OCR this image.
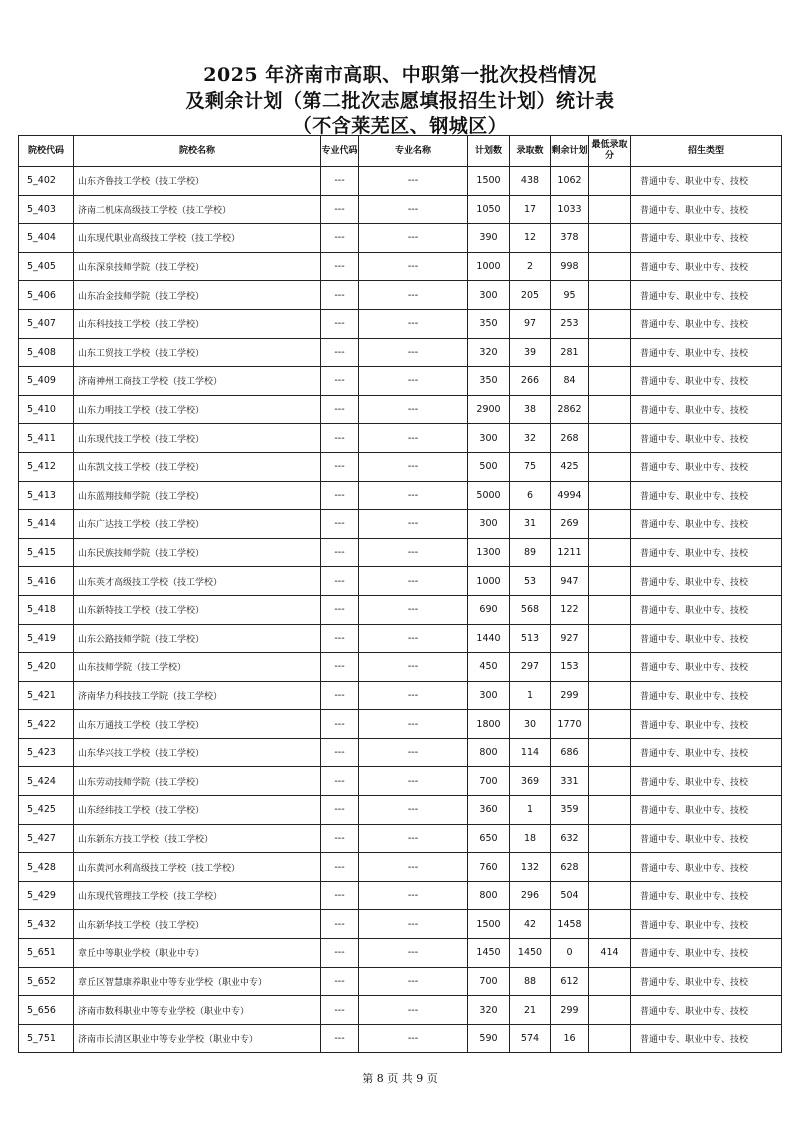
2025 年济南市高职、中职第一批次投档情况
及剩余计划（第二批次志愿填报招生计划）统计表
（不含莱芜区、钢城区）
院校代码	院校名称	专业代码	专业名称	计划数	录取数	剩余计划	最低录取分	招生类型
5_402	山东齐鲁技工学校（技工学校）	---	---	1500	438	1062		普通中专、职业中专、技校
5_403	济南二机床高级技工学校（技工学校）	---	---	1050	17	1033		普通中专、职业中专、技校
5_404	山东现代职业高级技工学校（技工学校）	---	---	390	12	378		普通中专、职业中专、技校
5_405	山东深泉技师学院（技工学校）	---	---	1000	2	998		普通中专、职业中专、技校
5_406	山东冶金技师学院（技工学校）	---	---	300	205	95		普通中专、职业中专、技校
5_407	山东科技技工学校（技工学校）	---	---	350	97	253		普通中专、职业中专、技校
5_408	山东工贸技工学校（技工学校）	---	---	320	39	281		普通中专、职业中专、技校
5_409	济南神州工商技工学校（技工学校）	---	---	350	266	84		普通中专、职业中专、技校
5_410	山东力明技工学校（技工学校）	---	---	2900	38	2862		普通中专、职业中专、技校
5_411	山东现代技工学校（技工学校）	---	---	300	32	268		普通中专、职业中专、技校
5_412	山东凯文技工学校（技工学校）	---	---	500	75	425		普通中专、职业中专、技校
5_413	山东蓝翔技师学院（技工学校）	---	---	5000	6	4994		普通中专、职业中专、技校
5_414	山东广达技工学校（技工学校）	---	---	300	31	269		普通中专、职业中专、技校
5_415	山东民族技师学院（技工学校）	---	---	1300	89	1211		普通中专、职业中专、技校
5_416	山东英才高级技工学校（技工学校）	---	---	1000	53	947		普通中专、职业中专、技校
5_418	山东新特技工学校（技工学校）	---	---	690	568	122		普通中专、职业中专、技校
5_419	山东公路技师学院（技工学校）	---	---	1440	513	927		普通中专、职业中专、技校
5_420	山东技师学院（技工学校）	---	---	450	297	153		普通中专、职业中专、技校
5_421	济南华力科技技工学院（技工学校）	---	---	300	1	299		普通中专、职业中专、技校
5_422	山东万通技工学校（技工学校）	---	---	1800	30	1770		普通中专、职业中专、技校
5_423	山东华兴技工学校（技工学校）	---	---	800	114	686		普通中专、职业中专、技校
5_424	山东劳动技师学院（技工学校）	---	---	700	369	331		普通中专、职业中专、技校
5_425	山东经纬技工学校（技工学校）	---	---	360	1	359		普通中专、职业中专、技校
5_427	山东新东方技工学校（技工学校）	---	---	650	18	632		普通中专、职业中专、技校
5_428	山东黄河水利高级技工学校（技工学校）	---	---	760	132	628		普通中专、职业中专、技校
5_429	山东现代管理技工学校（技工学校）	---	---	800	296	504		普通中专、职业中专、技校
5_432	山东新华技工学校（技工学校）	---	---	1500	42	1458		普通中专、职业中专、技校
5_651	章丘中等职业学校（职业中专）	---	---	1450	1450	0	414	普通中专、职业中专、技校
5_652	章丘区智慧康养职业中等专业学校（职业中专）	---	---	700	88	612		普通中专、职业中专、技校
5_656	济南市数科职业中等专业学校（职业中专）	---	---	320	21	299		普通中专、职业中专、技校
5_751	济南市长清区职业中等专业学校（职业中专）	---	---	590	574	16		普通中专、职业中专、技校
第 8 页 共 9 页
